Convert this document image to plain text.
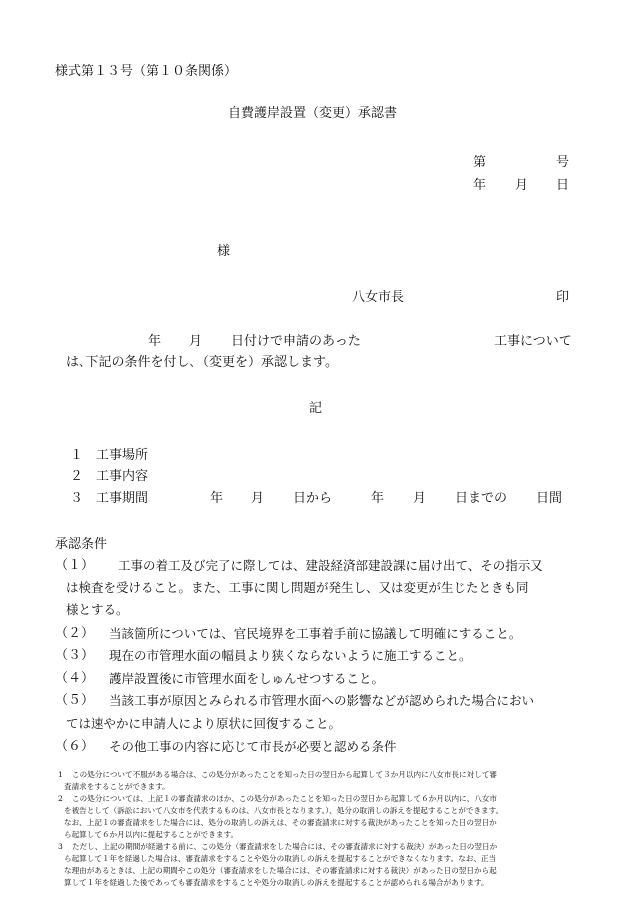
様式第１３号（第１０条関係）
自費護岸設置（変更）承認書
第	号
年 月 日
様
八女市長	印
年 月 日付けで申請のあった	工事について
は､下記の条件を付し､（変更を）承認します。
記
１ 工事場所
２ 工事内容
３ 工事期間	年 月 日から	年 月 日までの 日間
承認条件
（１） 工事の着工及び完了に際しては、建設経済部建設課に届け出て、その指示又
は検査を受けること。また、工事に関し問題が発生し、又は変更が生じたときも同
様とする。
（２） 当該箇所については、官民境界を工事着手前に協議して明確にすること。
（３） 現在の市管理水面の幅員より狭くならないように施工すること。
（４） 護岸設置後に市管理水面をしゅんせつすること。
（５） 当該工事が原因とみられる市管理水面への影響などが認められた場合におい
ては速やかに申請人により原状に回復すること。
（６） その他工事の内容に応じて市長が必要と認める条件
1 この処分について不服がある場合は、この処分があったことを知った日の翌日から起算して３か月以内に八女市長に対して審
査請求をすることができます。
2 この処分については、上記１の審査請求のほか、この処分があったことを知った日の翌日から起算して６か月以内に、八女市
を被告として（訴訟において八女市を代表するものは、八女市長となります。）、処分の取消しの訴えを提起することができます。
なお、上記１の審査請求をした場合には、処分の取消しの訴えは、その審査請求に対する裁決があったことを知った日の翌日か
ら起算して６か月以内に提起することができます。
3 ただし、上記の期間が経過する前に、この処分（審査請求をした場合には、その審査請求に対する裁決）があった日の翌日か
ら起算して１年を経過した場合は、審査請求をすることや処分の取消しの訴えを提起することができなくなります。なお、正当
な理由があるときは、上記の期間やこの処分（審査請求をした場合には、その審査請求に対する裁決）があった日の翌日から起
算して１年を経過した後であっても審査請求をすることや処分の取消しの訴えを提起することが認められる場合があります。
